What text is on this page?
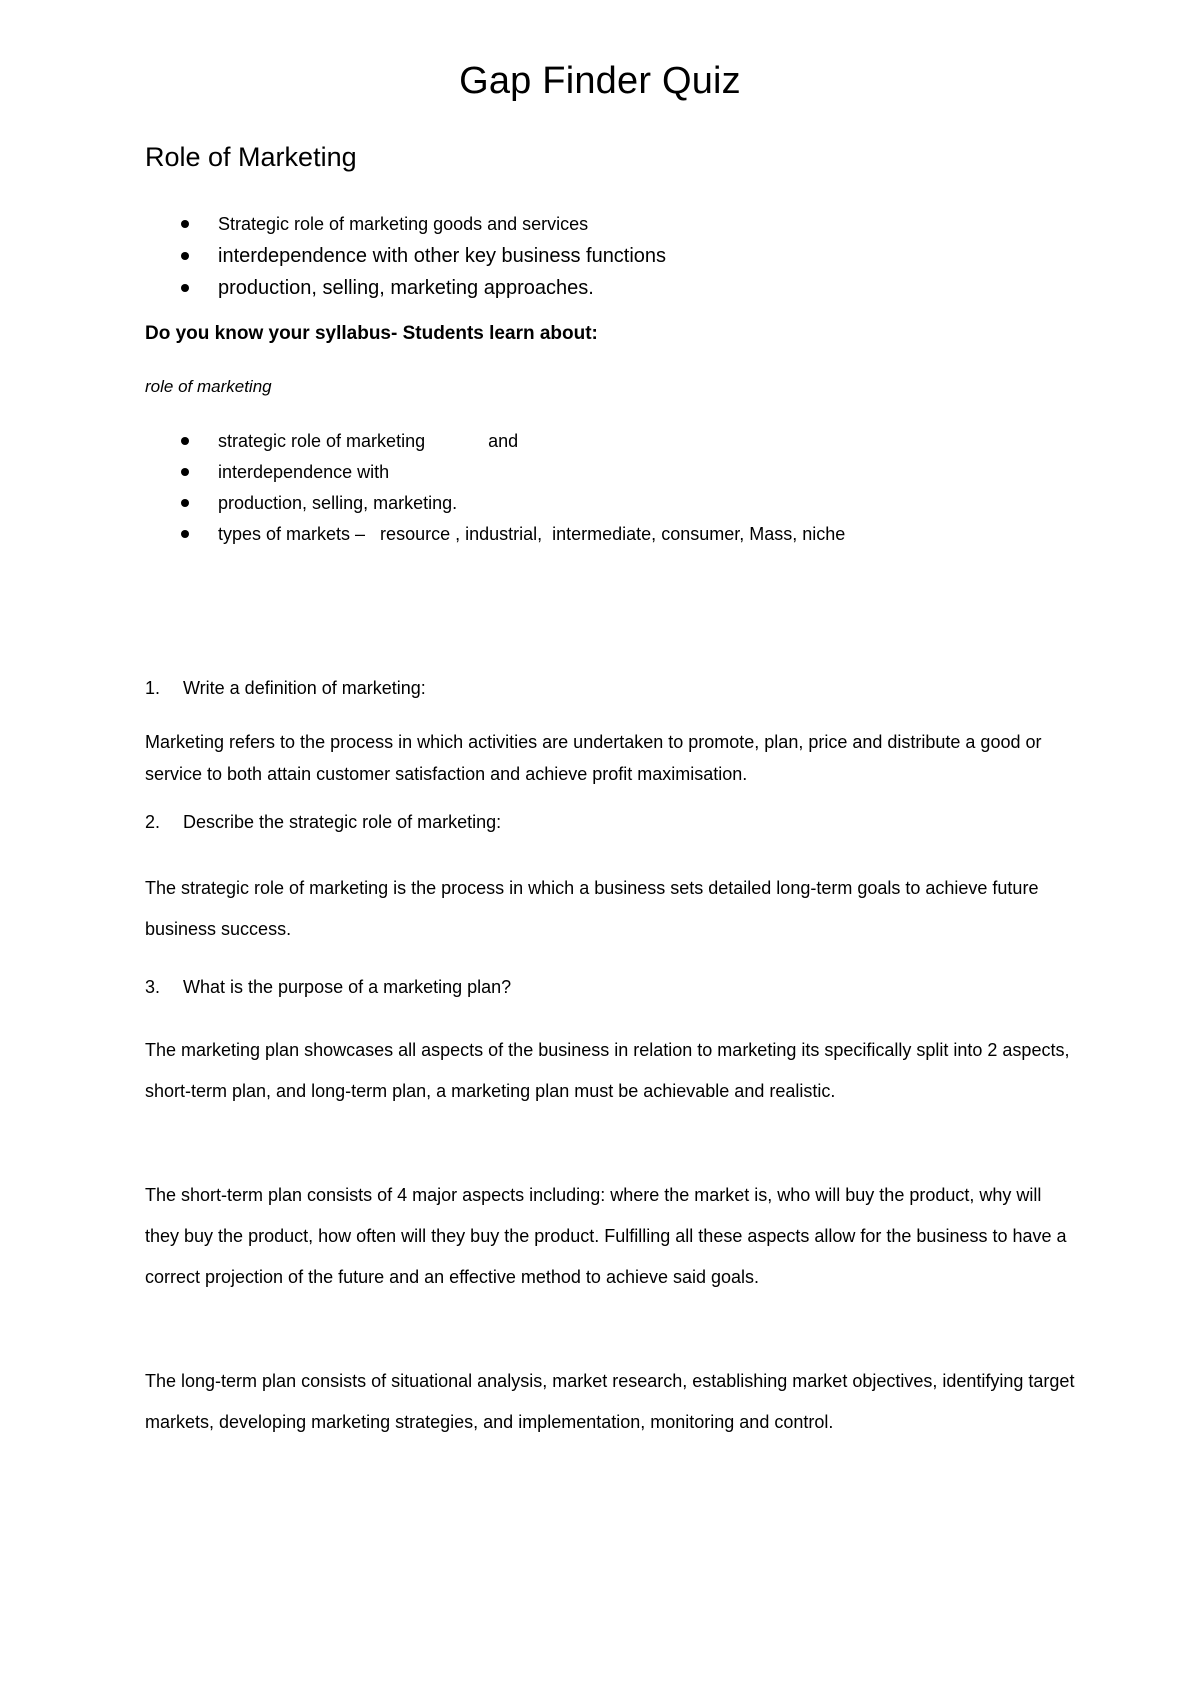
Gap Finder Quiz
Role of Marketing
Strategic role of marketing goods and services
interdependence with other key business functions
production, selling, marketing approaches.

Do you know your syllabus- Students learn about:

role of marketing

strategic role of marketing	and
interdependence with
production, selling, marketing.
types of markets –   resource , industrial,  intermediate, consumer, Mass, niche

1. Write a definition of marketing:

Marketing refers to the process in which activities are undertaken to promote, plan, price and distribute a good or service to both attain customer satisfaction and achieve profit maximisation.

2. Describe the strategic role of marketing:

The strategic role of marketing is the process in which a business sets detailed long-term goals to achieve future business success.

3. What is the purpose of a marketing plan?

The marketing plan showcases all aspects of the business in relation to marketing its specifically split into 2 aspects, short-term plan, and long-term plan, a marketing plan must be achievable and realistic.

The short-term plan consists of 4 major aspects including: where the market is, who will buy the product, why will they buy the product, how often will they buy the product. Fulfilling all these aspects allow for the business to have a correct projection of the future and an effective method to achieve said goals.

The long-term plan consists of situational analysis, market research, establishing market objectives, identifying target markets, developing marketing strategies, and implementation, monitoring and control.
